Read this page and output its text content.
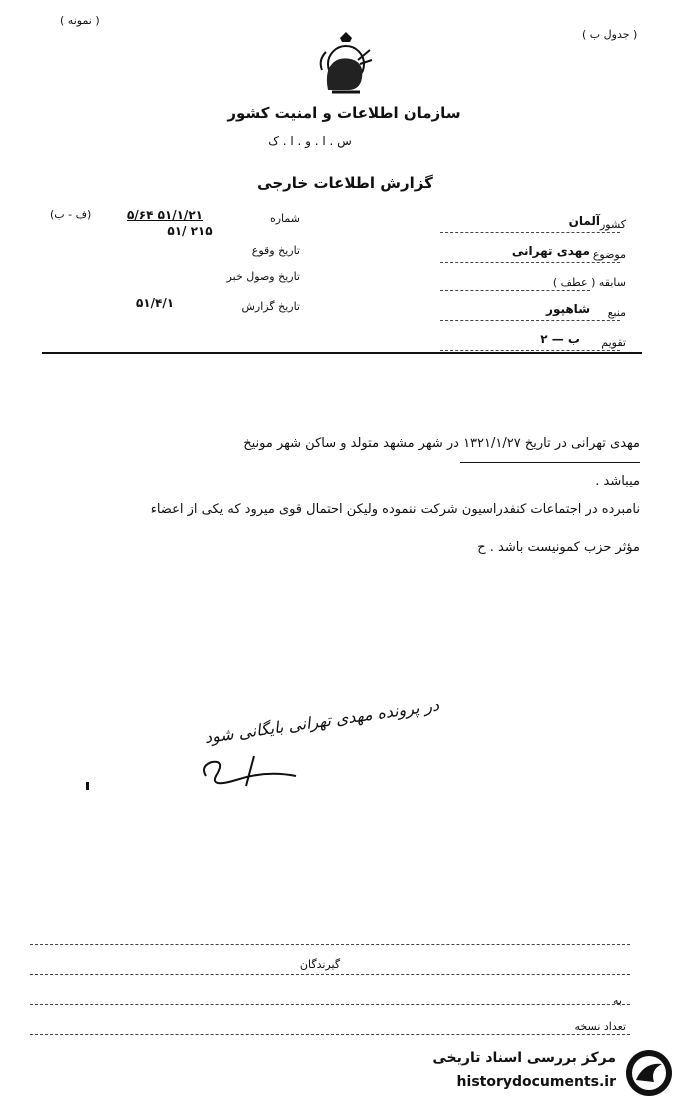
( نمونه )
( جدول ب )
سازمان اطلاعات و امنیت کشور
س . ا . و . ا . ک
گزارش اطلاعات خارجی
کشور
آلمان
موضوع
مهدی تهرانی
سابقه ( عطف )
منبع
شاهپور
تقویم
ب — ۲
شماره
۵۱/۱/۲۱ ۵/۶۴
(ف - ب)
۲۱۵ /۵۱
تاریخ وقوع
تاریخ وصول خبر
تاریخ گزارش
۵۱/۴/۱
مهدی تهرانی در تاریخ ۱۳۲۱/۱/۲۷ در شهر مشهد متولد و ساکن شهر مونیخ
میباشد .
نامبرده در اجتماعات کنفدراسیون شرکت ننموده ولیکن احتمال قوی میرود که یکی از اعضاء
مؤثر حزب کمونیست باشد . ح
در پرونده مهدی تهرانی بایگانی شود
گیرندگان
به
تعداد نسخه
مرکز بررسی اسناد تاریخی
historydocuments.ir
